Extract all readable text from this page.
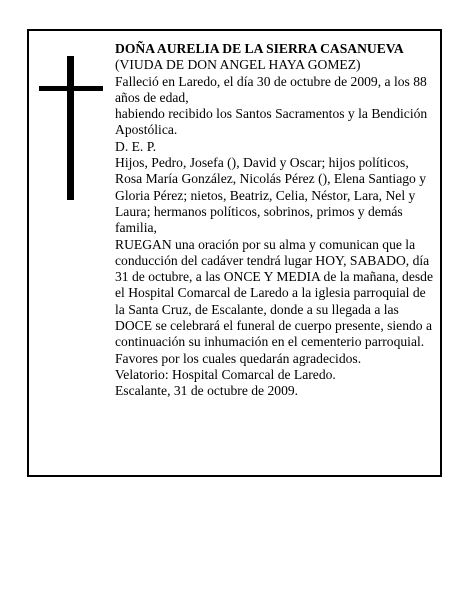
DOÑA AURELIA DE LA SIERRA CASANUEVA

(VIUDA DE DON ANGEL HAYA GOMEZ)

Falleció en Laredo, el día 30 de octubre de 2009, a los 88 años de edad,

habiendo recibido los Santos Sacramentos y la Bendición Apostólica.

D. E. P.

Hijos, Pedro, Josefa (), David y Oscar; hijos políticos, Rosa María González, Nicolás Pérez (), Elena Santiago y Gloria Pérez; nietos, Beatriz, Celia, Néstor, Lara, Nel y Laura; hermanos políticos, sobrinos, primos y demás familia,

RUEGAN una oración por su alma y comunican que la conducción del cadáver tendrá lugar HOY, SABADO, día 31 de octubre, a las ONCE Y MEDIA de la mañana, desde el Hospital Comarcal de Laredo a la iglesia parroquial de la Santa Cruz, de Escalante, donde a su llegada a las DOCE se celebrará el funeral de cuerpo presente, siendo a continuación su inhumación en el cementerio parroquial. Favores por los cuales quedarán agradecidos.

Velatorio: Hospital Comarcal de Laredo.

Escalante, 31 de octubre de 2009.
